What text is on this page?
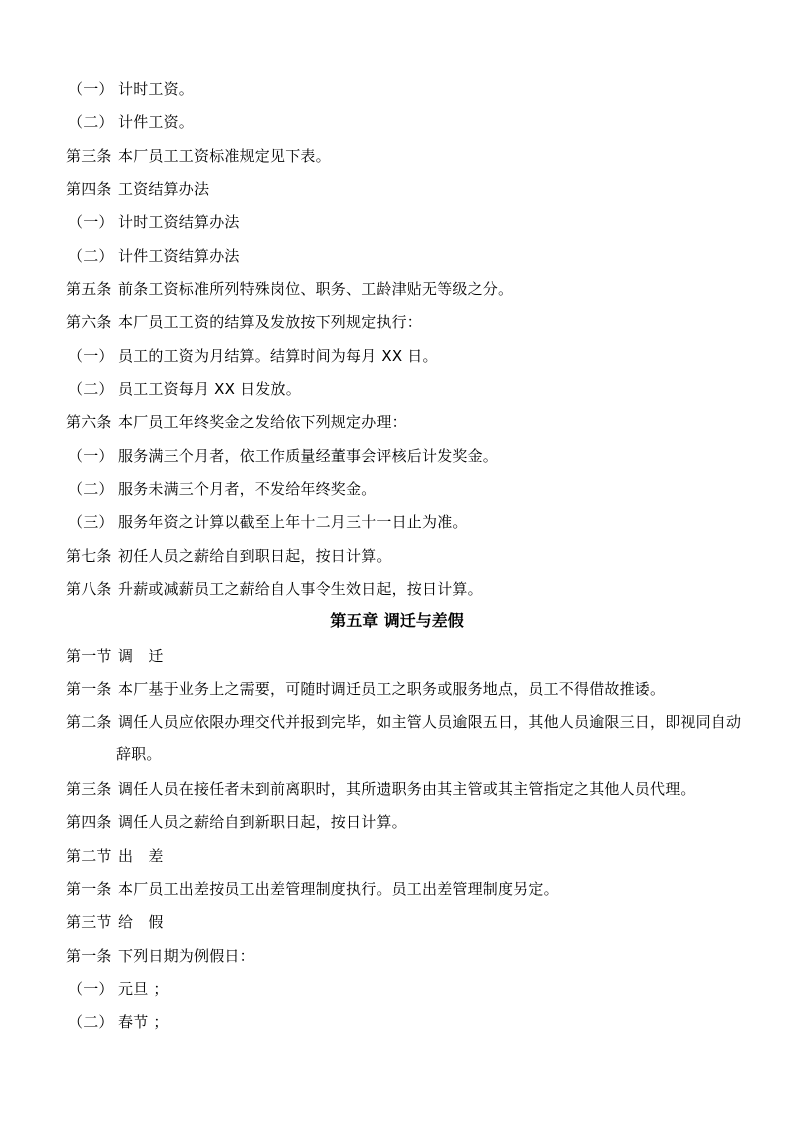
（一） 计时工资。
（二） 计件工资。
第三条 本厂员工工资标准规定见下表。
第四条 工资结算办法
（一） 计时工资结算办法
（二） 计件工资结算办法
第五条 前条工资标准所列特殊岗位、职务、工龄津贴无等级之分。
第六条 本厂员工工资的结算及发放按下列规定执行：
（一） 员工的工资为月结算。结算时间为每月 XX 日。
（二） 员工工资每月 XX 日发放。
第六条 本厂员工年终奖金之发给依下列规定办理：
（一） 服务满三个月者，依工作质量经董事会评核后计发奖金。
（二） 服务未满三个月者，不发给年终奖金。
（三） 服务年资之计算以截至上年十二月三十一日止为准。
第七条 初任人员之薪给自到职日起，按日计算。
第八条 升薪或减薪员工之薪给自人事令生效日起，按日计算。
第五章 调迁与差假
第一节 调　迁
第一条 本厂基于业务上之需要，可随时调迁员工之职务或服务地点，员工不得借故推诿。
第二条 调任人员应依限办理交代并报到完毕，如主管人员逾限五日，其他人员逾限三日，即视同自动
辞职。
第三条 调任人员在接任者未到前离职时，其所遗职务由其主管或其主管指定之其他人员代理。
第四条 调任人员之薪给自到新职日起，按日计算。
第二节 出　差
第一条 本厂员工出差按员工出差管理制度执行。员工出差管理制度另定。
第三节 给　假
第一条 下列日期为例假日：
（一） 元旦 ；
（二） 春节 ；
